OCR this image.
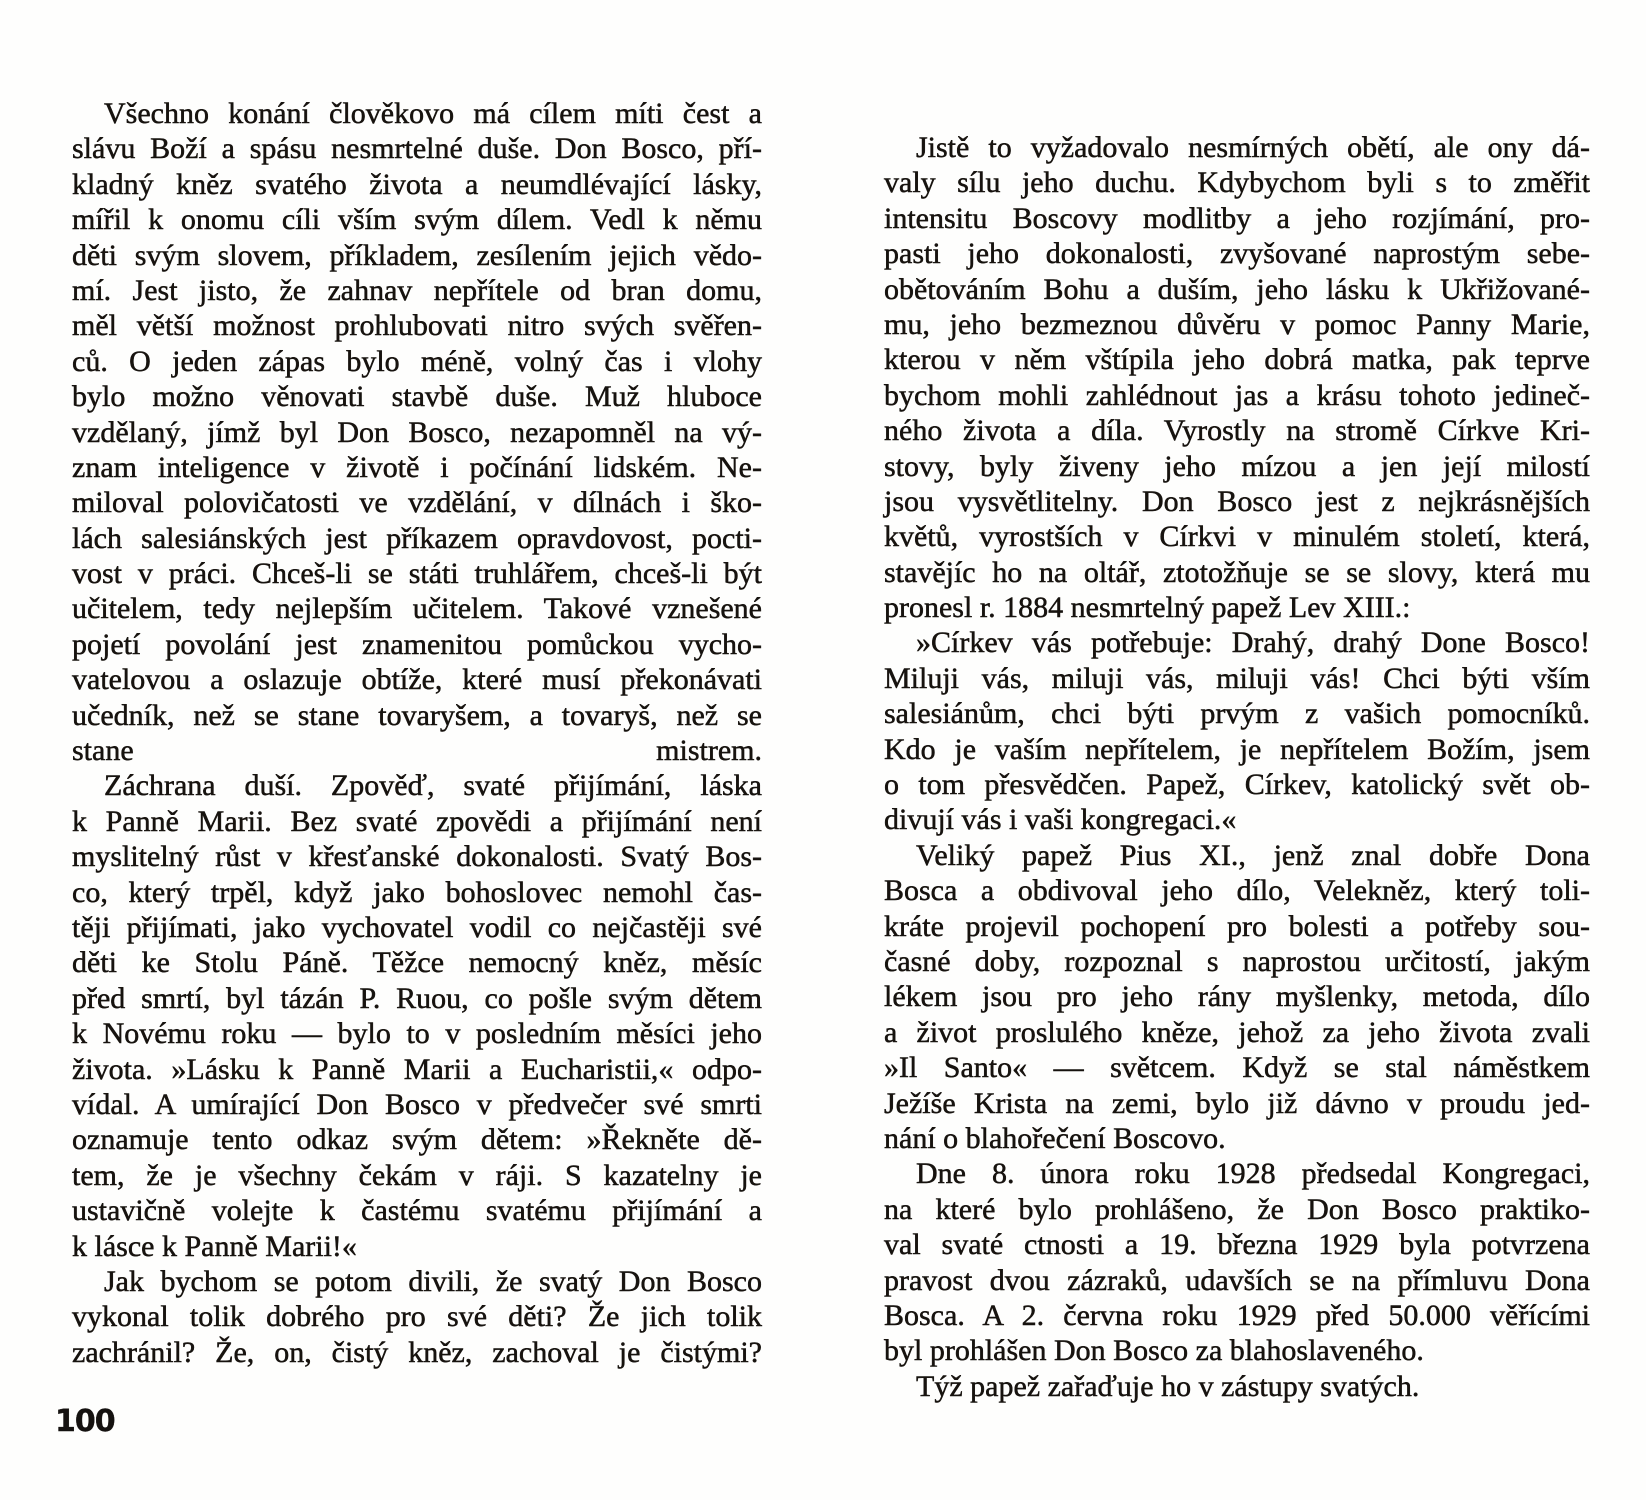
Všechno konání člověkovo má cílem míti čest a
slávu Boží a spásu nesmrtelné duše. Don Bosco, pří-
kladný kněz svatého života a neumdlévající lásky,
mířil k onomu cíli vším svým dílem. Vedl k němu
děti svým slovem, příkladem, zesílením jejich vědo-
mí. Jest jisto, že zahnav nepřítele od bran domu,
měl větší možnost prohlubovati nitro svých svěřen-
ců. O jeden zápas bylo méně, volný čas i vlohy
bylo možno věnovati stavbě duše. Muž hluboce
vzdělaný, jímž byl Don Bosco, nezapomněl na vý-
znam inteligence v životě i počínání lidském. Ne-
miloval polovičatosti ve vzdělání, v dílnách i ško-
lách salesiánských jest příkazem opravdovost, pocti-
vost v práci. Chceš-li se státi truhlářem, chceš-li být
učitelem, tedy nejlepším učitelem. Takové vznešené
pojetí povolání jest znamenitou pomůckou vycho-
vatelovou a oslazuje obtíže, které musí překonávati
učedník, než se stane tovaryšem, a tovaryš, než se
stane mistrem.
Záchrana duší. Zpověď, svaté přijímání, láska
k Panně Marii. Bez svaté zpovědi a přijímání není
myslitelný růst v křesťanské dokonalosti. Svatý Bos-
co, který trpěl, když jako bohoslovec nemohl čas-
těji přijímati, jako vychovatel vodil co nejčastěji své
děti ke Stolu Páně. Těžce nemocný kněz, měsíc
před smrtí, byl tázán P. Ruou, co pošle svým dětem
k Novému roku — bylo to v posledním měsíci jeho
života. »Lásku k Panně Marii a Eucharistii,« odpo-
vídal. A umírající Don Bosco v předvečer své smrti
oznamuje tento odkaz svým dětem: »Řekněte dě-
tem, že je všechny čekám v ráji. S kazatelny je
ustavičně volejte k častému svatému přijímání a
k lásce k Panně Marii!«
Jak bychom se potom divili, že svatý Don Bosco
vykonal tolik dobrého pro své děti? Že jich tolik
zachránil? Že, on, čistý kněz, zachoval je čistými?
Jistě to vyžadovalo nesmírných obětí, ale ony dá-
valy sílu jeho duchu. Kdybychom byli s to změřit
intensitu Boscovy modlitby a jeho rozjímání, pro-
pasti jeho dokonalosti, zvyšované naprostým sebe-
obětováním Bohu a duším, jeho lásku k Ukřižované-
mu, jeho bezmeznou důvěru v pomoc Panny Marie,
kterou v něm vštípila jeho dobrá matka, pak teprve
bychom mohli zahlédnout jas a krásu tohoto jedineč-
ného života a díla. Vyrostly na stromě Církve Kri-
stovy, byly živeny jeho mízou a jen její milostí
jsou vysvětlitelny. Don Bosco jest z nejkrásnějších
květů, vyrostších v Církvi v minulém století, která,
stavějíc ho na oltář, ztotožňuje se se slovy, která mu
pronesl r. 1884 nesmrtelný papež Lev XIII.:
»Církev vás potřebuje: Drahý, drahý Done Bosco!
Miluji vás, miluji vás, miluji vás! Chci býti vším
salesiánům, chci býti prvým z vašich pomocníků.
Kdo je vaším nepřítelem, je nepřítelem Božím, jsem
o tom přesvědčen. Papež, Církev, katolický svět ob-
divují vás i vaši kongregaci.«
Veliký papež Pius XI., jenž znal dobře Dona
Bosca a obdivoval jeho dílo, Velekněz, který toli-
kráte projevil pochopení pro bolesti a potřeby sou-
časné doby, rozpoznal s naprostou určitostí, jakým
lékem jsou pro jeho rány myšlenky, metoda, dílo
a život proslulého kněze, jehož za jeho života zvali
»Il Santo« — světcem. Když se stal náměstkem
Ježíše Krista na zemi, bylo již dávno v proudu jed-
nání o blahořečení Boscovo.
Dne 8. února roku 1928 předsedal Kongregaci,
na které bylo prohlášeno, že Don Bosco praktiko-
val svaté ctnosti a 19. března 1929 byla potvrzena
pravost dvou zázraků, udavších se na přímluvu Dona
Bosca. A 2. června roku 1929 před 50.000 věřícími
byl prohlášen Don Bosco za blahoslaveného.
Týž papež zařaďuje ho v zástupy svatých.
100
